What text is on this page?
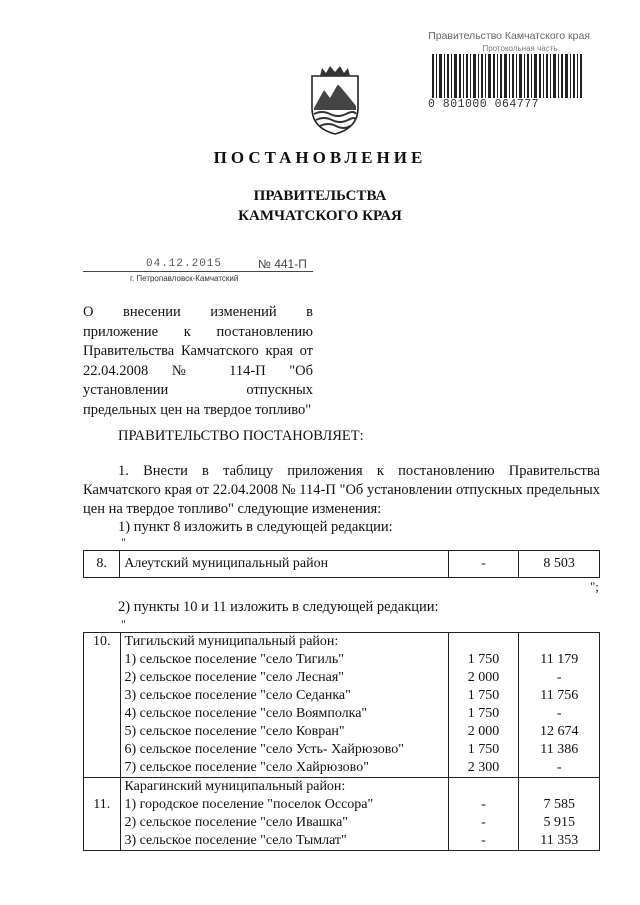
Правительство Камчатского края
Протокольная часть
0 801000 064777
ПОСТАНОВЛЕНИЕ
ПРАВИТЕЛЬСТВА
КАМЧАТСКОГО КРАЯ
04.12.2015	№ 441-П
г. Петропавловск-Камчатский
О внесении изменений в приложение к постановлению Правительства Камчатского края от 22.04.2008 № 114-П "Об установлении отпускных предельных цен на твердое топливо"
ПРАВИТЕЛЬСТВО ПОСТАНОВЛЯЕТ:
1. Внести в таблицу приложения к постановлению Правительства Камчатского края от 22.04.2008 № 114-П "Об установлении отпускных предельных цен на твердое топливо" следующие изменения:
1) пункт 8 изложить в следующей редакции:
"
8.	Алеутский муниципальный район	-	8 503
";
2) пункты 10 и 11 изложить в следующей редакции:
"
10.	Тигильский муниципальный район:		
	1) сельское поселение "село Тигиль"	1 750	11 179
	2) сельское поселение "село Лесная"	2 000	-
	3) сельское поселение "село Седанка"	1 750	11 756
	4) сельское поселение "село Воямполка"	1 750	-
	5) сельское поселение "село Ковран"	2 000	12 674
	6) сельское поселение "село Усть- Хайрюзово"	1 750	11 386
	7) сельское поселение "село Хайрюзово"	2 300	-
	Карагинский муниципальный район:		
11.	1) городское поселение "поселок Оссора"	-	7 585
	2) сельское поселение "село Ивашка"	-	5 915
	3) сельское поселение "село Тымлат"	-	11 353
